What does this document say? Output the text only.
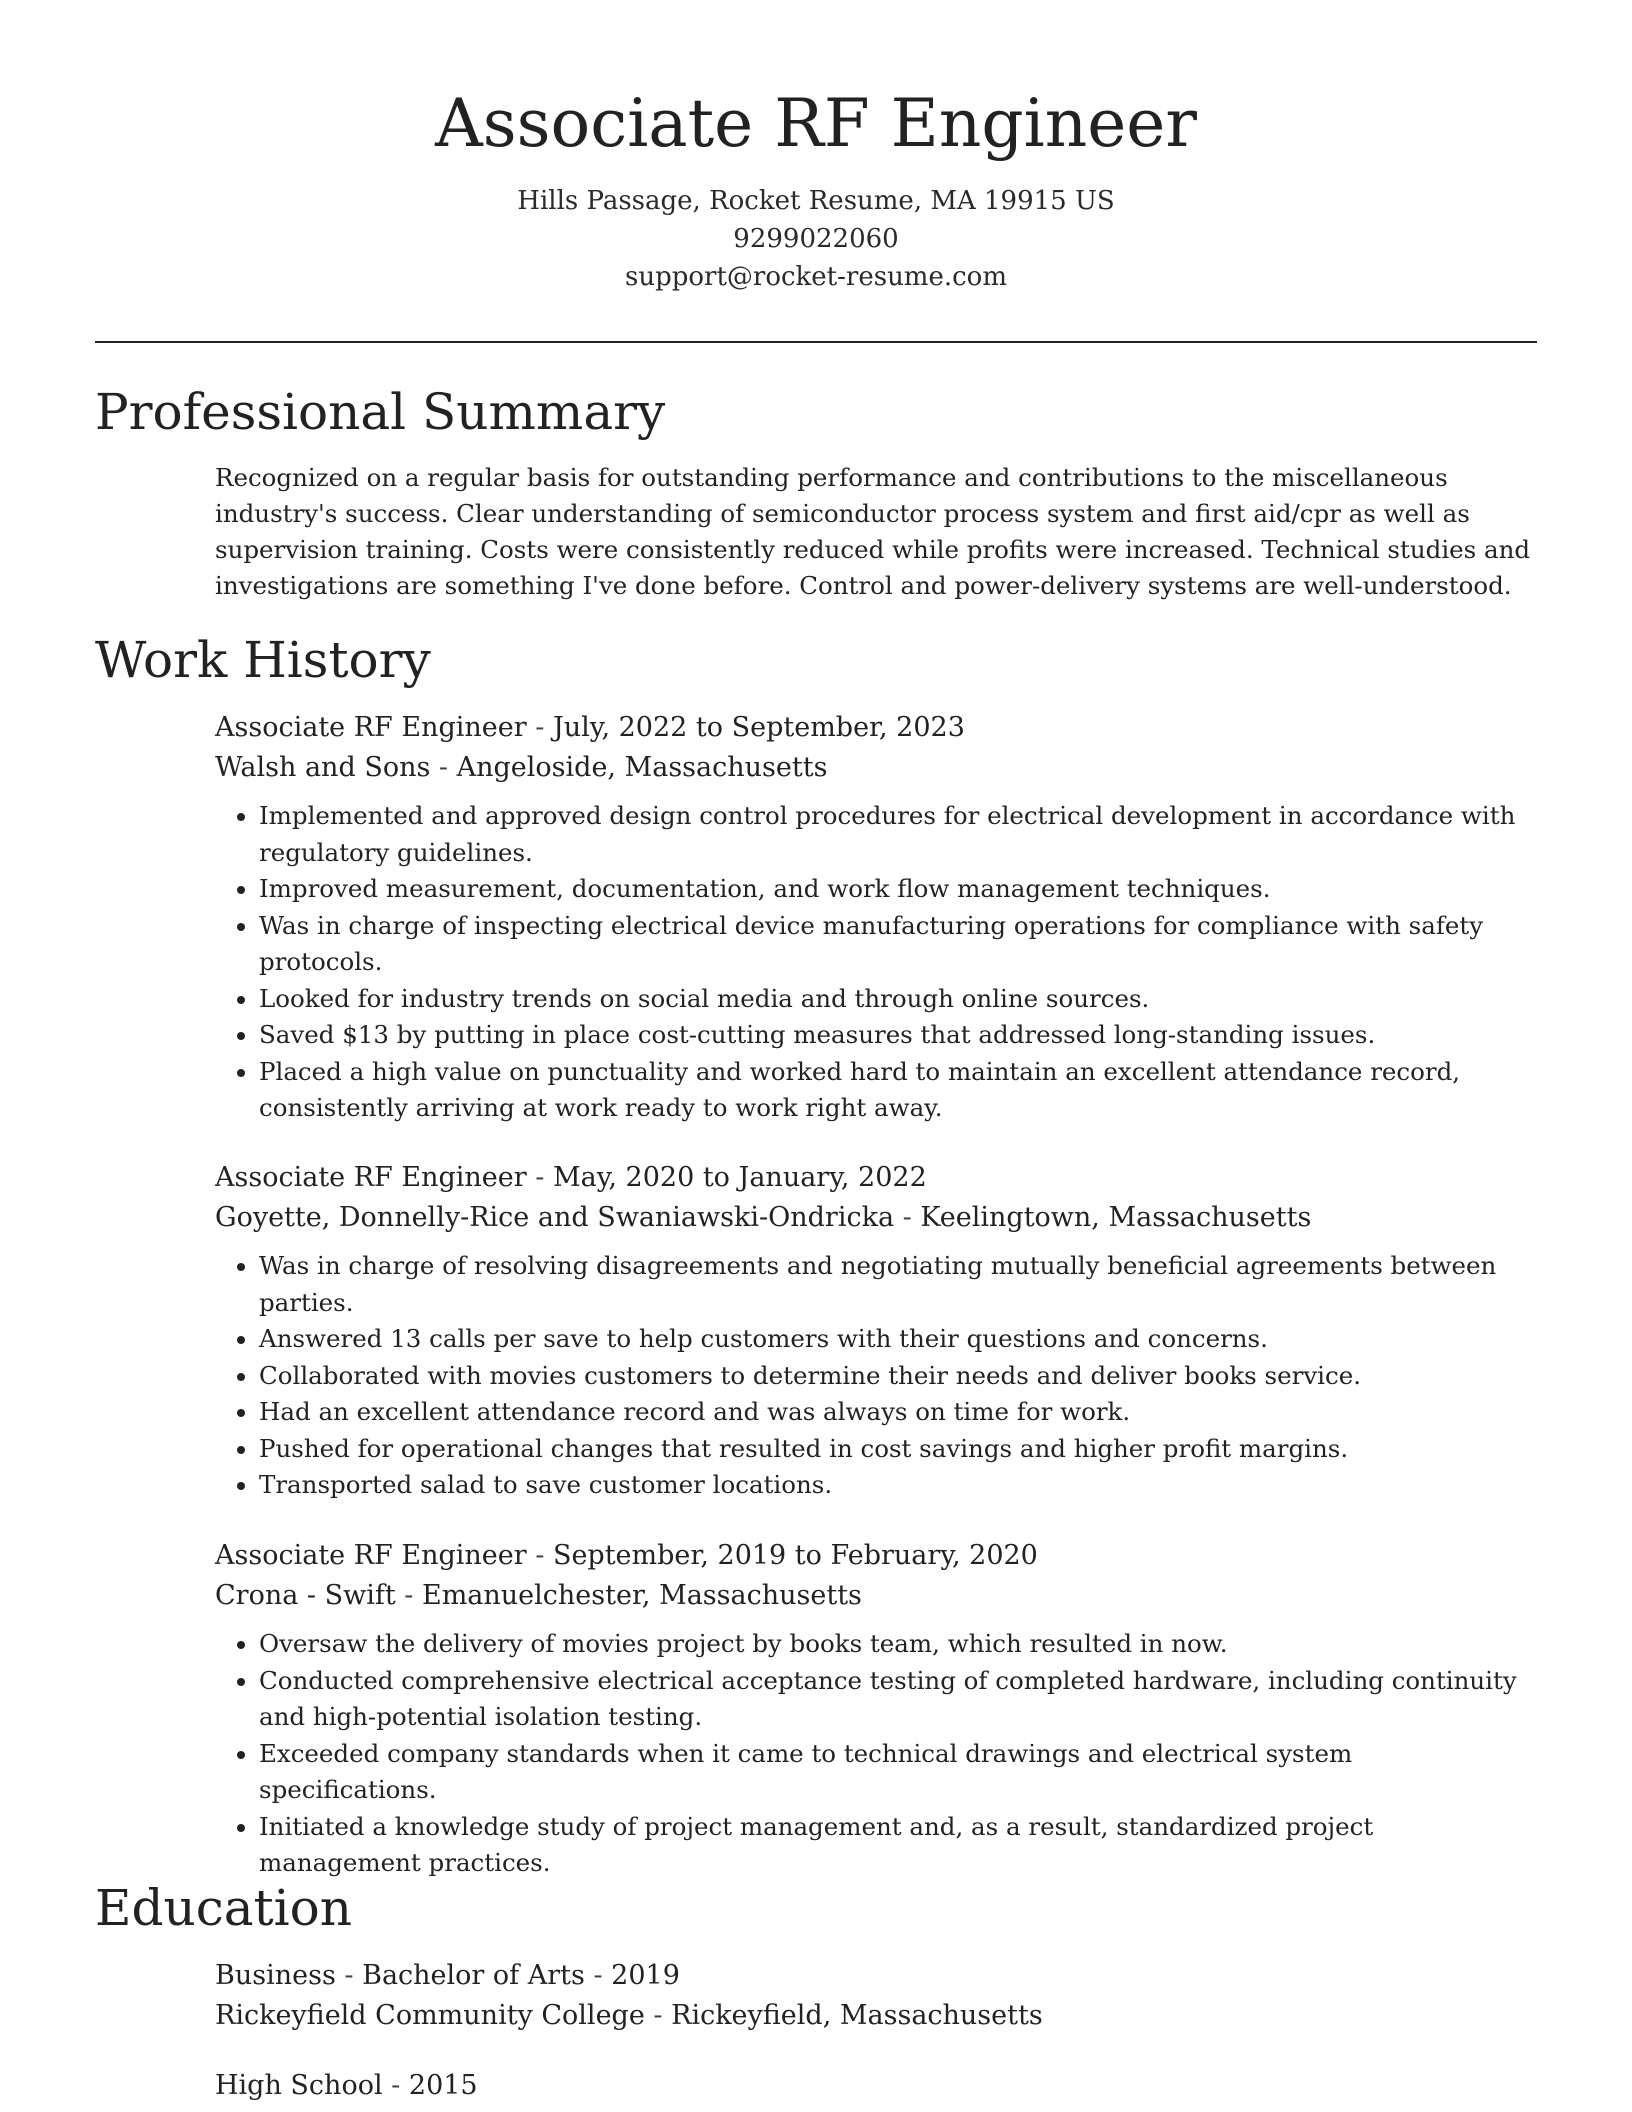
Associate RF Engineer
Hills Passage, Rocket Resume, MA 19915 US
9299022060
support@rocket-resume.com
Professional Summary

Recognized on a regular basis for outstanding performance and contributions to the miscellaneous industry's success. Clear understanding of semiconductor process system and first aid/cpr as well as supervision training. Costs were consistently reduced while profits were increased. Technical studies and investigations are something I've done before. Control and power-delivery systems are well-understood.

Work History
Associate RF Engineer - July, 2022 to September, 2023
Walsh and Sons - Angeloside, Massachusetts
• Implemented and approved design control procedures for electrical development in accordance with regulatory guidelines.
• Improved measurement, documentation, and work flow management techniques.
• Was in charge of inspecting electrical device manufacturing operations for compliance with safety protocols.
• Looked for industry trends on social media and through online sources.
• Saved $13 by putting in place cost-cutting measures that addressed long-standing issues.
• Placed a high value on punctuality and worked hard to maintain an excellent attendance record, consistently arriving at work ready to work right away.
Associate RF Engineer - May, 2020 to January, 2022
Goyette, Donnelly-Rice and Swaniawski-Ondricka - Keelingtown, Massachusetts
• Was in charge of resolving disagreements and negotiating mutually beneficial agreements between parties.
• Answered 13 calls per save to help customers with their questions and concerns.
• Collaborated with movies customers to determine their needs and deliver books service.
• Had an excellent attendance record and was always on time for work.
• Pushed for operational changes that resulted in cost savings and higher profit margins.
• Transported salad to save customer locations.
Associate RF Engineer - September, 2019 to February, 2020
Crona - Swift - Emanuelchester, Massachusetts
• Oversaw the delivery of movies project by books team, which resulted in now.
• Conducted comprehensive electrical acceptance testing of completed hardware, including continuity and high-potential isolation testing.
• Exceeded company standards when it came to technical drawings and electrical system specifications.
• Initiated a knowledge study of project management and, as a result, standardized project management practices.
Education
Business - Bachelor of Arts - 2019
Rickeyfield Community College - Rickeyfield, Massachusetts
High School - 2015
